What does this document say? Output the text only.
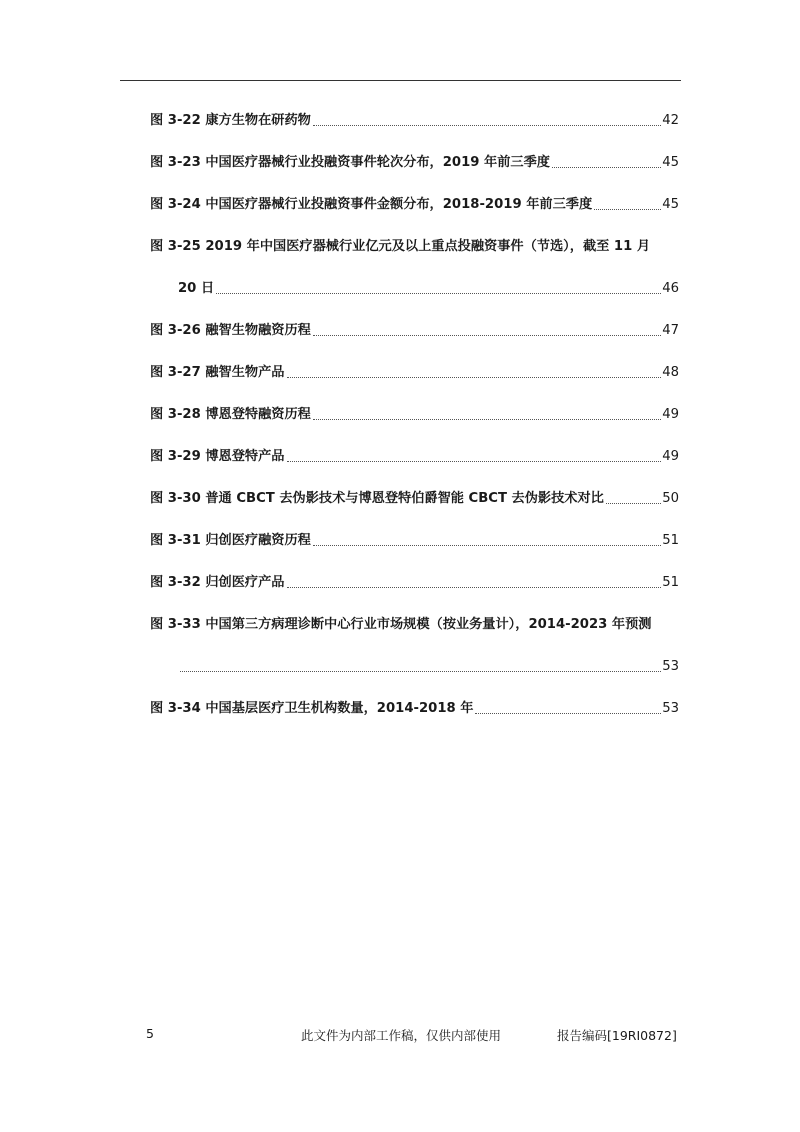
图 3-22 康方生物在研药物	42
图 3-23 中国医疗器械行业投融资事件轮次分布，2019 年前三季度	45
图 3-24 中国医疗器械行业投融资事件金额分布，2018-2019 年前三季度	45
图 3-25 2019 年中国医疗器械行业亿元及以上重点投融资事件（节选），截至 11 月
20 日	46
图 3-26 融智生物融资历程	47
图 3-27 融智生物产品	48
图 3-28 博恩登特融资历程	49
图 3-29 博恩登特产品	49
图 3-30 普通 CBCT 去伪影技术与博恩登特伯爵智能 CBCT 去伪影技术对比	50
图 3-31 归创医疗融资历程	51
图 3-32 归创医疗产品	51
图 3-33 中国第三方病理诊断中心行业市场规模（按业务量计），2014-2023 年预测
53
图 3-34 中国基层医疗卫生机构数量，2014-2018 年	53
5	此文件为内部工作稿，仅供内部使用	报告编码[19RI0872]
